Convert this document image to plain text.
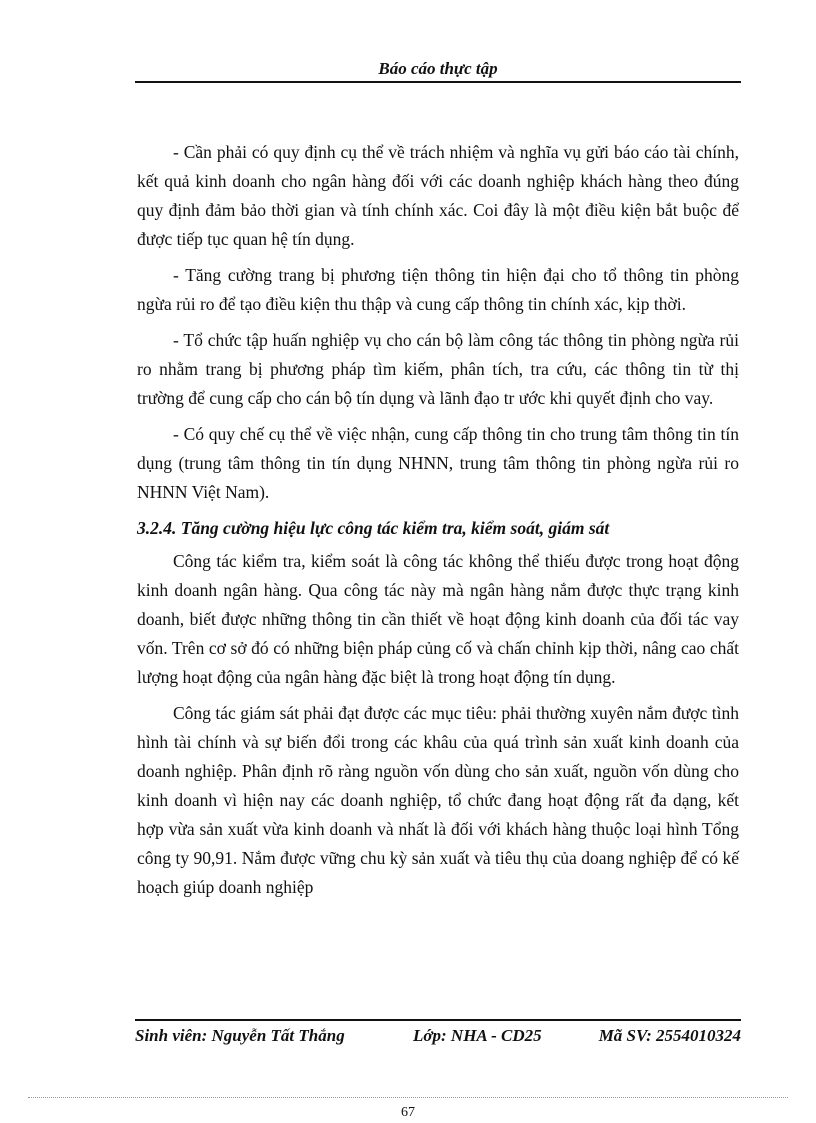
Báo cáo thực tập

- Cần phải có quy định cụ thể về trách nhiệm và nghĩa vụ gửi báo cáo tài chính, kết quả kinh doanh cho ngân hàng đối với các doanh nghiệp khách hàng theo đúng quy định đảm bảo thời gian và tính chính xác. Coi đây là một điều kiện bắt buộc để được tiếp tục quan hệ tín dụng.

- Tăng cường trang bị phương tiện thông tin hiện đại cho tổ thông tin phòng ngừa rủi ro để tạo điều kiện thu thập và cung cấp thông tin chính xác, kịp thời.

- Tổ chức tập huấn nghiệp vụ cho cán bộ làm công tác thông tin phòng ngừa rủi ro nhằm trang bị phương pháp tìm kiếm, phân tích, tra cứu, các thông tin từ thị trường để cung cấp cho cán bộ tín dụng và lãnh đạo tr ước khi quyết định cho vay.

- Có quy chế cụ thể về việc nhận, cung cấp thông tin cho trung tâm thông tin tín dụng (trung tâm thông tin tín dụng NHNN, trung tâm thông tin phòng ngừa rủi ro NHNN Việt Nam).

3.2.4. Tăng cường hiệu lực công tác kiểm tra, kiểm soát, giám sát

Công tác kiểm tra, kiểm soát là công tác không thể thiếu được trong hoạt động kinh doanh ngân hàng. Qua công tác này mà ngân hàng nắm được thực trạng kinh doanh, biết được những thông tin cần thiết về hoạt động kinh doanh của đối tác vay vốn. Trên cơ sở đó có những biện pháp củng cố và chấn chỉnh kịp thời, nâng cao chất lượng hoạt động của ngân hàng đặc biệt là trong hoạt động tín dụng.

Công tác giám sát phải đạt được các mục tiêu: phải thường xuyên nắm được tình hình tài chính và sự biến đổi trong các khâu của quá trình sản xuất kinh doanh của doanh nghiệp. Phân định rõ ràng nguồn vốn dùng cho sản xuất, nguồn vốn dùng cho kinh doanh vì hiện nay các doanh nghiệp, tổ chức đang hoạt động rất đa dạng, kết hợp vừa sản xuất vừa kinh doanh và nhất là đối với khách hàng thuộc loại hình Tổng công ty 90,91. Nắm được vững chu kỳ sản xuất và tiêu thụ của doang nghiệp để có kế hoạch giúp doanh nghiệp

Sinh viên: Nguyễn Tất Thắng	Lớp: NHA - CD25	Mã SV: 2554010324
67
